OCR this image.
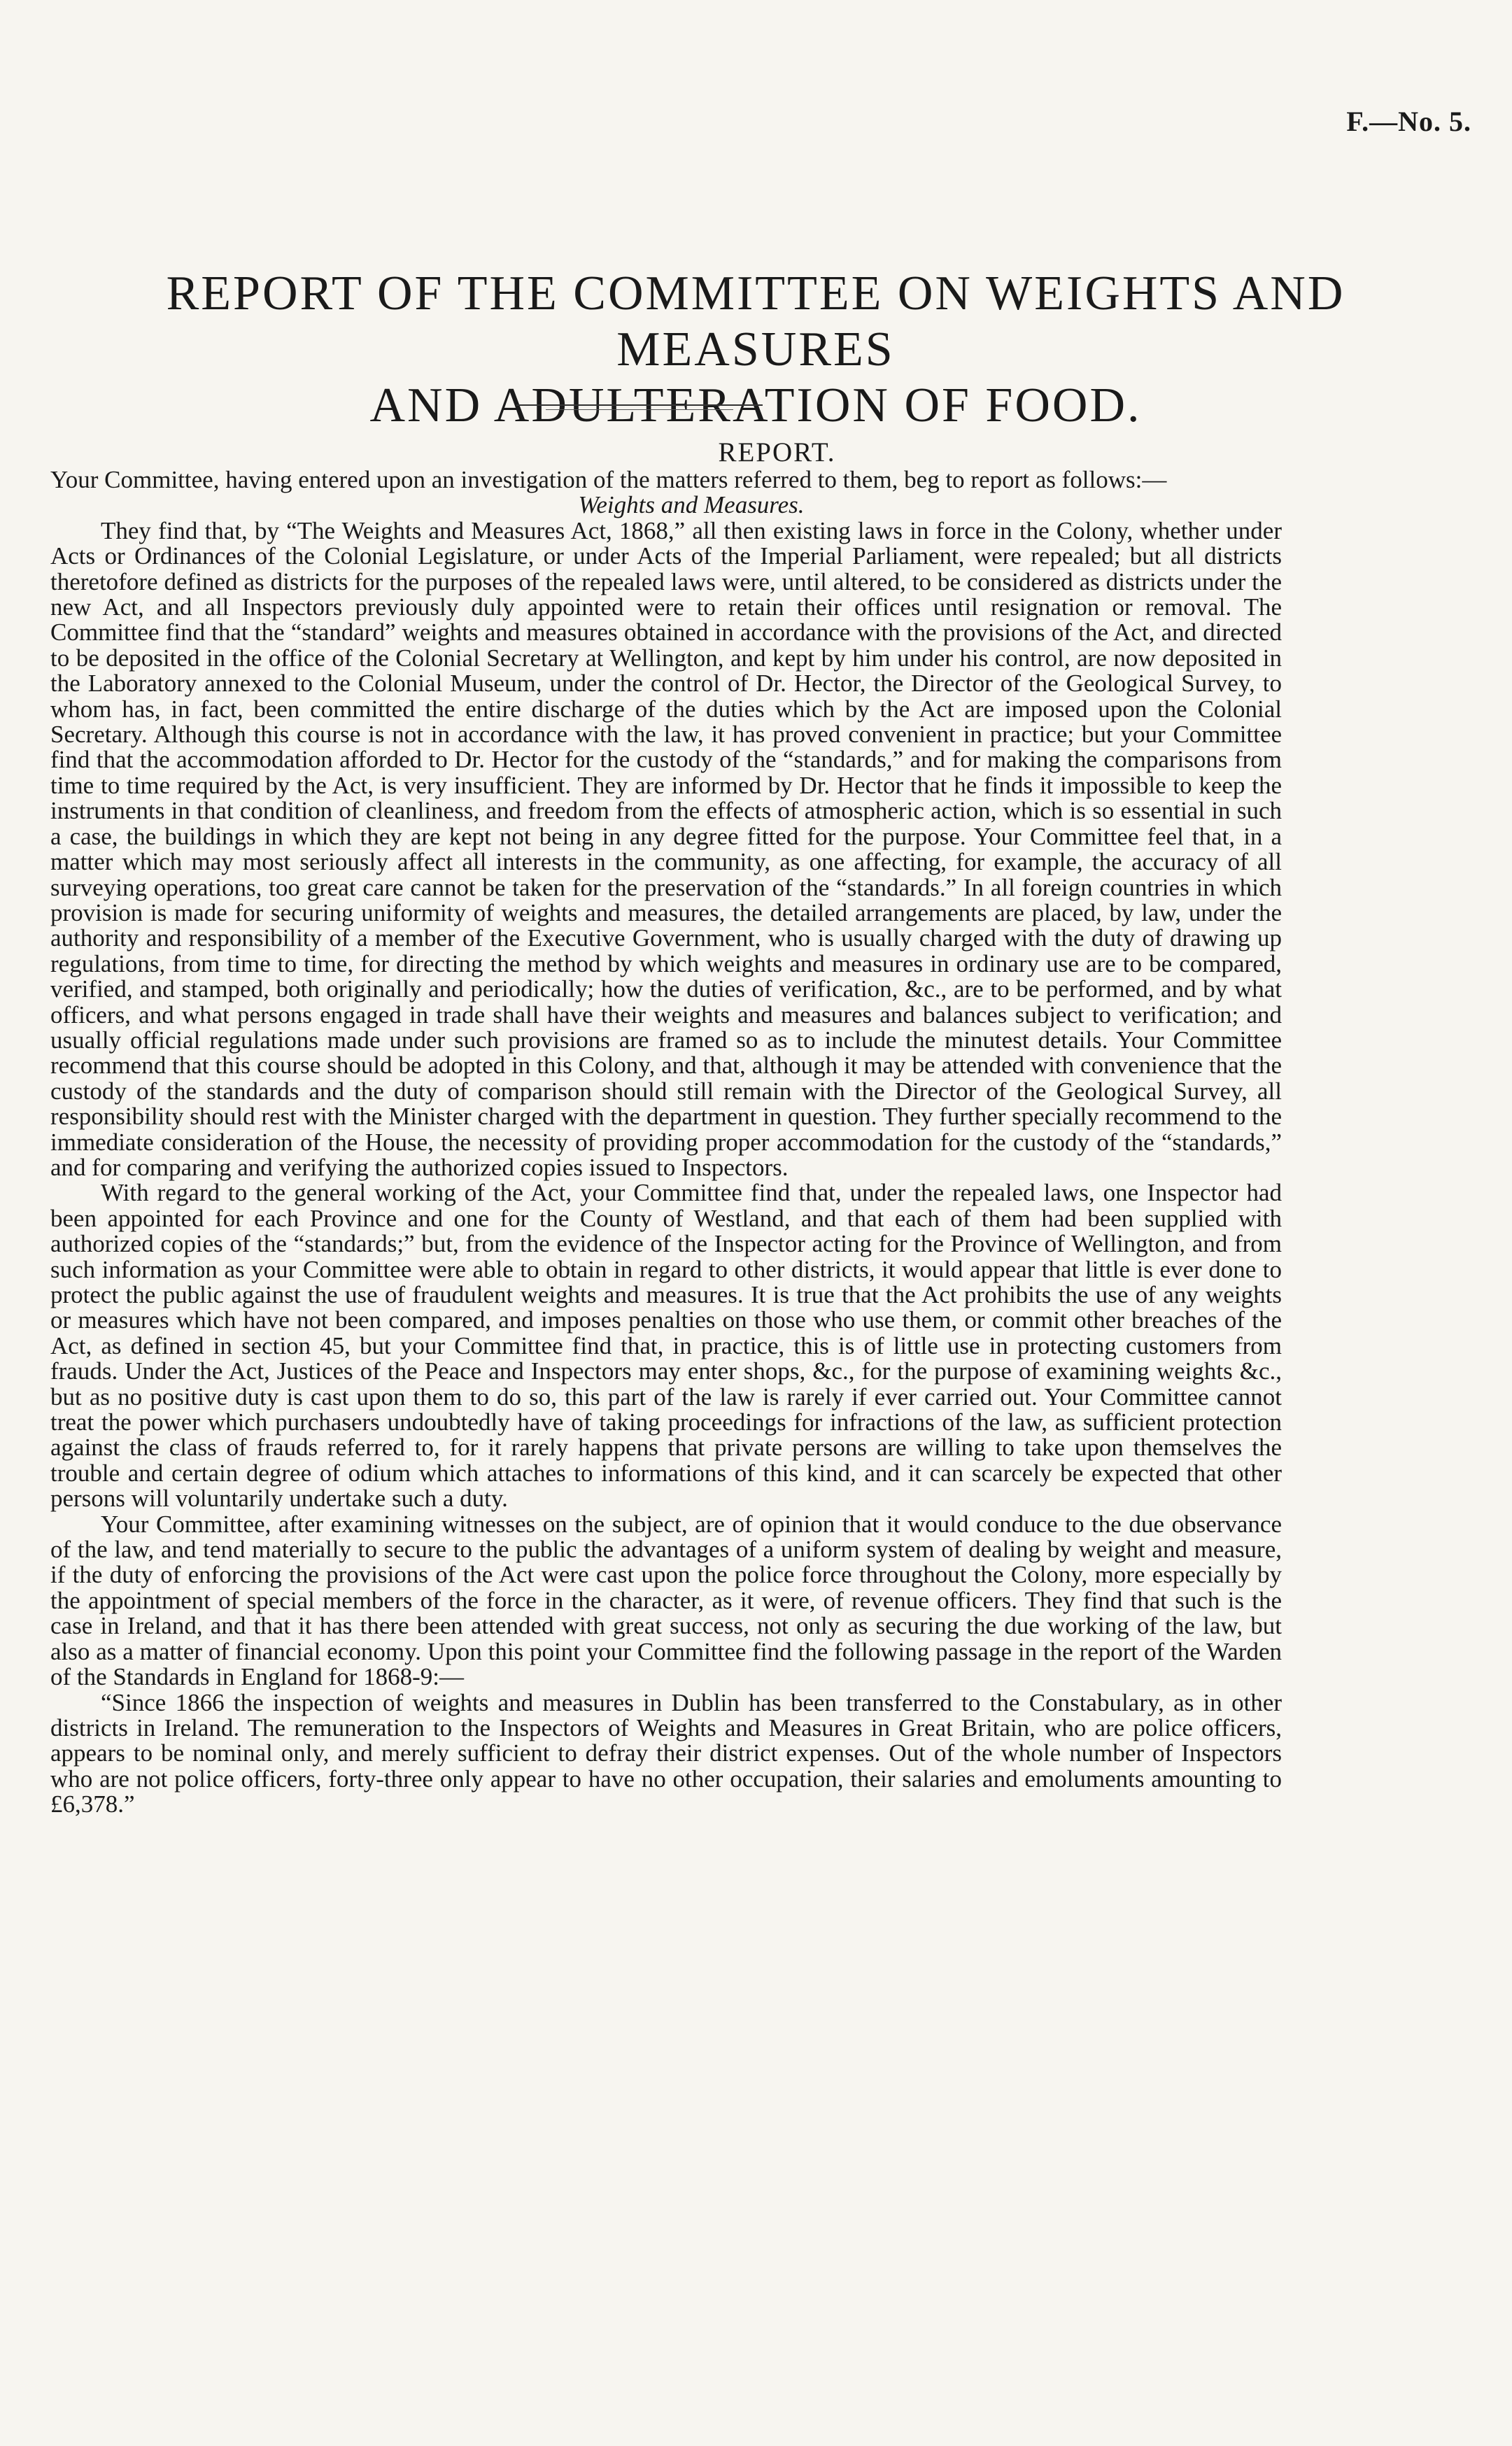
F.—No. 5.
REPORT OF THE COMMITTEE ON WEIGHTS AND MEASURES
AND ADULTERATION OF FOOD.
REPORT.

Your Committee, having entered upon an investigation of the matters referred to them, beg to report as follows:—

Weights and Measures.

They find that, by “The Weights and Measures Act, 1868,” all then existing laws in force in the Colony, whether under Acts or Ordinances of the Colonial Legislature, or under Acts of the Imperial Parliament, were repealed; but all districts theretofore defined as districts for the purposes of the repealed laws were, until altered, to be considered as districts under the new Act, and all Inspectors previously duly appointed were to retain their offices until resignation or removal. The Committee find that the “standard” weights and measures obtained in accordance with the provisions of the Act, and directed to be deposited in the office of the Colonial Secretary at Wellington, and kept by him under his control, are now deposited in the Laboratory annexed to the Colonial Museum, under the control of Dr. Hector, the Director of the Geological Survey, to whom has, in fact, been committed the entire discharge of the duties which by the Act are imposed upon the Colonial Secretary. Although this course is not in accordance with the law, it has proved convenient in practice; but your Committee find that the accommodation afforded to Dr. Hector for the custody of the “standards,” and for making the comparisons from time to time required by the Act, is very insufficient. They are informed by Dr. Hector that he finds it impossible to keep the instruments in that condition of cleanliness, and freedom from the effects of atmospheric action, which is so essential in such a case, the buildings in which they are kept not being in any degree fitted for the purpose. Your Committee feel that, in a matter which may most seriously affect all interests in the community, as one affecting, for example, the accuracy of all surveying operations, too great care cannot be taken for the preservation of the “standards.” In all foreign countries in which provision is made for securing uniformity of weights and measures, the detailed arrangements are placed, by law, under the authority and responsibility of a member of the Executive Government, who is usually charged with the duty of drawing up regulations, from time to time, for directing the method by which weights and measures in ordinary use are to be compared, verified, and stamped, both originally and periodically; how the duties of verification, &c., are to be performed, and by what officers, and what persons engaged in trade shall have their weights and measures and balances subject to verification; and usually official regulations made under such provisions are framed so as to include the minutest details. Your Committee recommend that this course should be adopted in this Colony, and that, although it may be attended with convenience that the custody of the standards and the duty of comparison should still remain with the Director of the Geological Survey, all responsibility should rest with the Minister charged with the department in question. They further specially recommend to the immediate consideration of the House, the necessity of providing proper accommodation for the custody of the “standards,” and for comparing and verifying the authorized copies issued to Inspectors.

With regard to the general working of the Act, your Committee find that, under the repealed laws, one Inspector had been appointed for each Province and one for the County of Westland, and that each of them had been supplied with authorized copies of the “standards;” but, from the evidence of the Inspector acting for the Province of Wellington, and from such information as your Committee were able to obtain in regard to other districts, it would appear that little is ever done to protect the public against the use of fraudulent weights and measures. It is true that the Act prohibits the use of any weights or measures which have not been compared, and imposes penalties on those who use them, or commit other breaches of the Act, as defined in section 45, but your Committee find that, in practice, this is of little use in protecting customers from frauds. Under the Act, Justices of the Peace and Inspectors may enter shops, &c., for the purpose of examining weights &c., but as no positive duty is cast upon them to do so, this part of the law is rarely if ever carried out. Your Committee cannot treat the power which purchasers undoubtedly have of taking proceedings for infractions of the law, as sufficient protection against the class of frauds referred to, for it rarely happens that private persons are willing to take upon themselves the trouble and certain degree of odium which attaches to informations of this kind, and it can scarcely be expected that other persons will voluntarily undertake such a duty.

Your Committee, after examining witnesses on the subject, are of opinion that it would conduce to the due observance of the law, and tend materially to secure to the public the advantages of a uniform system of dealing by weight and measure, if the duty of enforcing the provisions of the Act were cast upon the police force throughout the Colony, more especially by the appointment of special members of the force in the character, as it were, of revenue officers. They find that such is the case in Ireland, and that it has there been attended with great success, not only as securing the due working of the law, but also as a matter of financial economy. Upon this point your Committee find the following passage in the report of the Warden of the Standards in England for 1868-9:—

“Since 1866 the inspection of weights and measures in Dublin has been transferred to the Constabulary, as in other districts in Ireland. The remuneration to the Inspectors of Weights and Measures in Great Britain, who are police officers, appears to be nominal only, and merely sufficient to defray their district expenses. Out of the whole number of Inspectors who are not police officers, forty-three only appear to have no other occupation, their salaries and emoluments amounting to £6,378.”
